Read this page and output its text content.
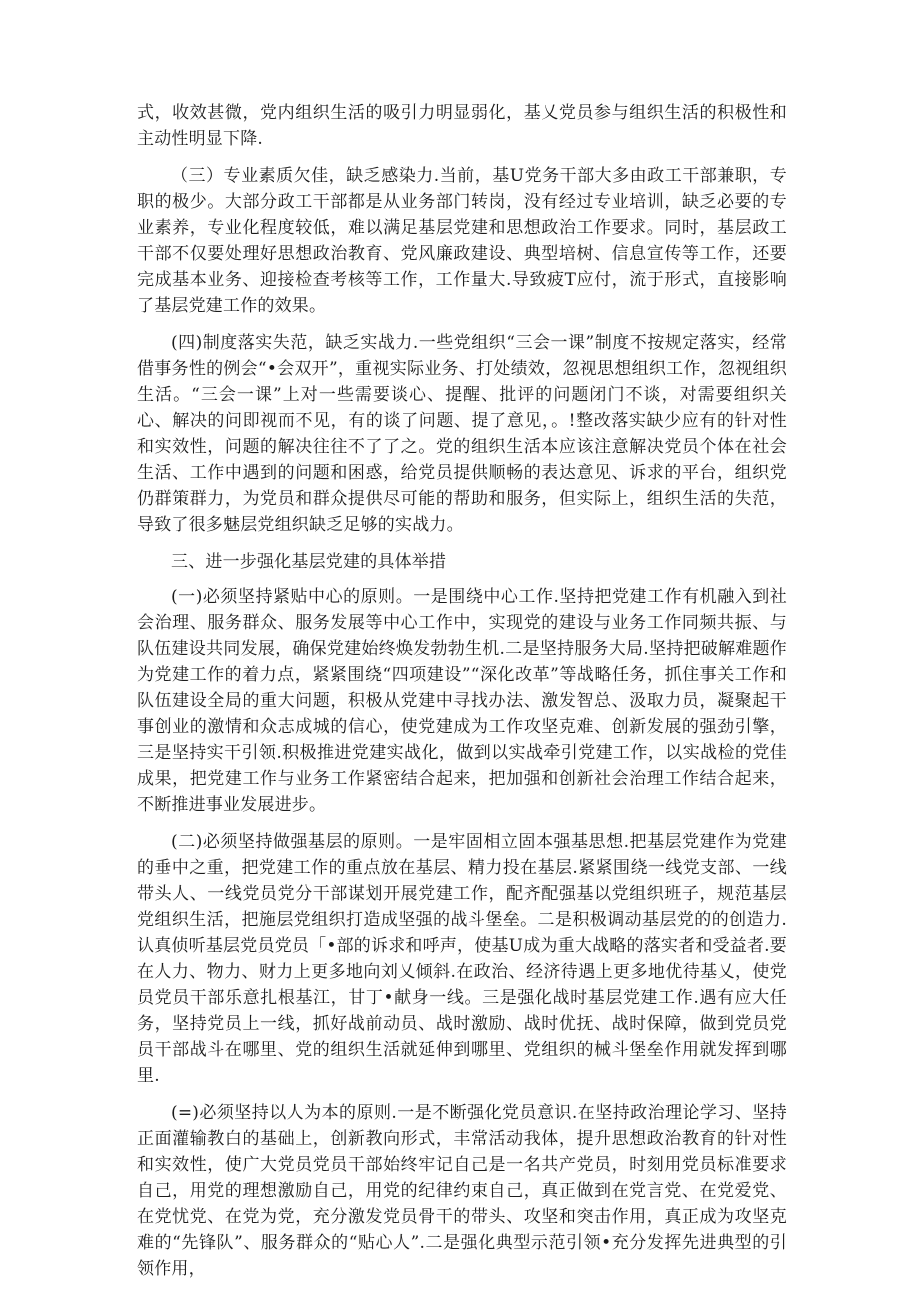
式，收效甚微，党内组织生活的吸引力明显弱化，基乂党员参与组织生活的积极性和主动性明显下降.

（三）专业素质欠佳，缺乏感染力.当前，基U党务干部大多由政工干部兼职，专职的极少。大部分政工干部都是从业务部门转岗，没有经过专业培训，缺乏必要的专业素养，专业化程度较低，难以满足基层党建和思想政治工作要求。同时，基层政工干部不仅要处理好思想政治教育、党风廉政建设、典型培树、信息宣传等工作，还要完成基本业务、迎接检查考核等工作，工作量大.导致疲T应付，流于形式，直接影响了基层党建工作的效果。

(四)制度落实失范，缺乏实战力.一些党组织“三会一课”制度不按规定落实，经常借事务性的例会“•会双开”，重视实际业务、打处绩效，忽视思想组织工作，忽视组织生活。“三会一课”上对一些需要谈心、提醒、批评的问题闭门不谈，对需要组织关心、解决的问即视而不见，有的谈了问题、提了意见，。!整改落实缺少应有的针对性和实效性，问题的解决往往不了了之。党的组织生活本应该注意解决党员个体在社会生活、工作中遇到的问题和困惑，给党员提供顺畅的表达意见、诉求的平台，组织党仍群策群力，为党员和群众提供尽可能的帮助和服务，但实际上，组织生活的失范，导致了很多魅层党组织缺乏足够的实战力。

三、进一步强化基层党建的具体举措

(一)必须坚持紧贴中心的原则。一是围绕中心工作.坚持把党建工作有机融入到社会治理、服务群众、服务发展等中心工作中，实现党的建设与业务工作同频共振、与队伍建设共同发展，确保党建始终焕发勃勃生机.二是坚持服务大局.坚持把破解难题作为党建工作的着力点，紧紧围绕“四项建设”“深化改革”等战略任务，抓住事关工作和队伍建设全局的重大问题，积极从党建中寻找办法、激发智总、汲取力员，凝聚起干事创业的激情和众志成城的信心，使党建成为工作攻坚克难、创新发展的强劲引擎，三是坚持实干引领.积极推进党建实战化，做到以实战牵引党建工作，以实战检的党佳成果，把党建工作与业务工作紧密结合起来，把加强和创新社会治理工作结合起来，不断推进事业发展进步。

(二)必须坚持做强基层的原则。一是牢固相立固本强基思想.把基层党建作为党建的垂中之重，把党建工作的重点放在基层、精力投在基层.紧紧围绕一线党支部、一线带头人、一线党员党分干部谋划开展党建工作，配齐配强基以党组织班子，规范基层党组织生活，把施层党组织打造成坚强的战斗堡垒。二是积极调动基层党的的创造力.认真侦听基层党员党员「•部的诉求和呼声，使基U成为重大战略的落实者和受益者.要在人力、物力、财力上更多地向刘乂倾斜.在政治、经济待遇上更多地优待基乂，使党员党员干部乐意扎根基江，甘丁•献身一线。三是强化战时基层党建工作.遇有应大任务，坚持党员上一线，抓好战前动员、战时激励、战时优抚、战时保障，做到党员党员干部战斗在哪里、党的组织生活就延伸到哪里、党组织的械斗堡垒作用就发挥到哪里.

(=)必须坚持以人为本的原则.一是不断强化党员意识.在坚持政治理论学习、坚持正面灌输教白的基础上，创新教向形式，丰常活动我体，提升思想政治教育的针对性和实效性，使广大党员党员干部始终牢记自己是一名共产党员，时刻用党员标准要求自己，用党的理想激励自己，用党的纪律约束自己，真正做到在党言党、在党爱党、在党忧党、在党为党，充分激发党员骨干的带头、攻坚和突击作用，真正成为攻坚克难的“先锋队”、服务群众的“贴心人”.二是强化典型示范引领•充分发挥先进典型的引领作用，
